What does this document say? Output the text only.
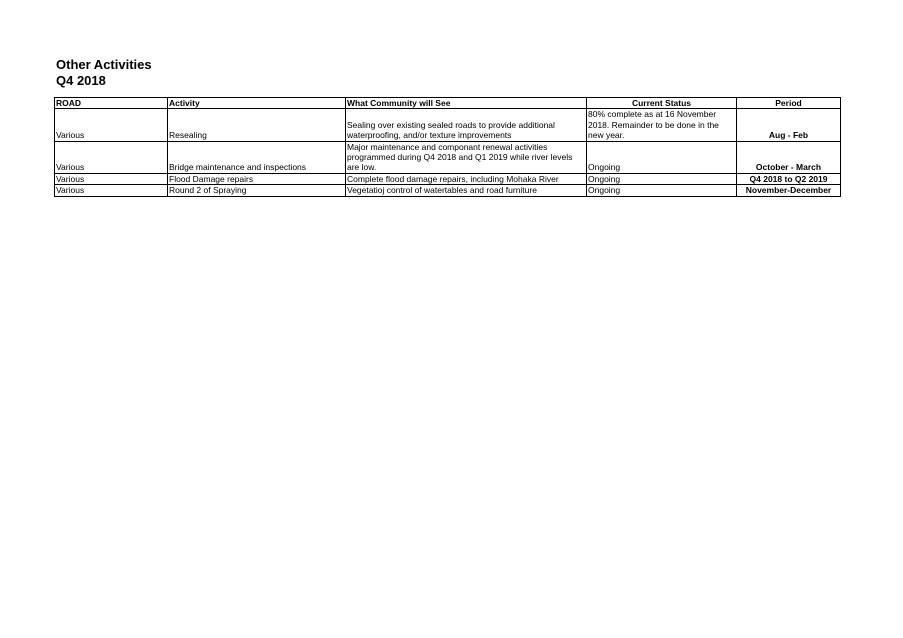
Other Activities
Q4 2018
ROAD	Activity	What Community will See	Current Status	Period
Various	Resealing	Sealing over existing sealed roads to provide additional waterproofing, and/or texture improvements	80% complete as at 16 November 2018. Remainder to be done in the new year.	Aug - Feb
Various	Bridge maintenance and inspections	Major maintenance and componant renewal activities programmed during Q4 2018 and Q1 2019 while river levels are low.	Ongoing	October - March
Various	Flood Damage repairs	Complete flood damage repairs, including Mohaka River	Ongoing	Q4 2018 to Q2 2019
Various	Round 2 of Spraying	Vegetatioj control of watertables and road furniture	Ongoing	November-December
